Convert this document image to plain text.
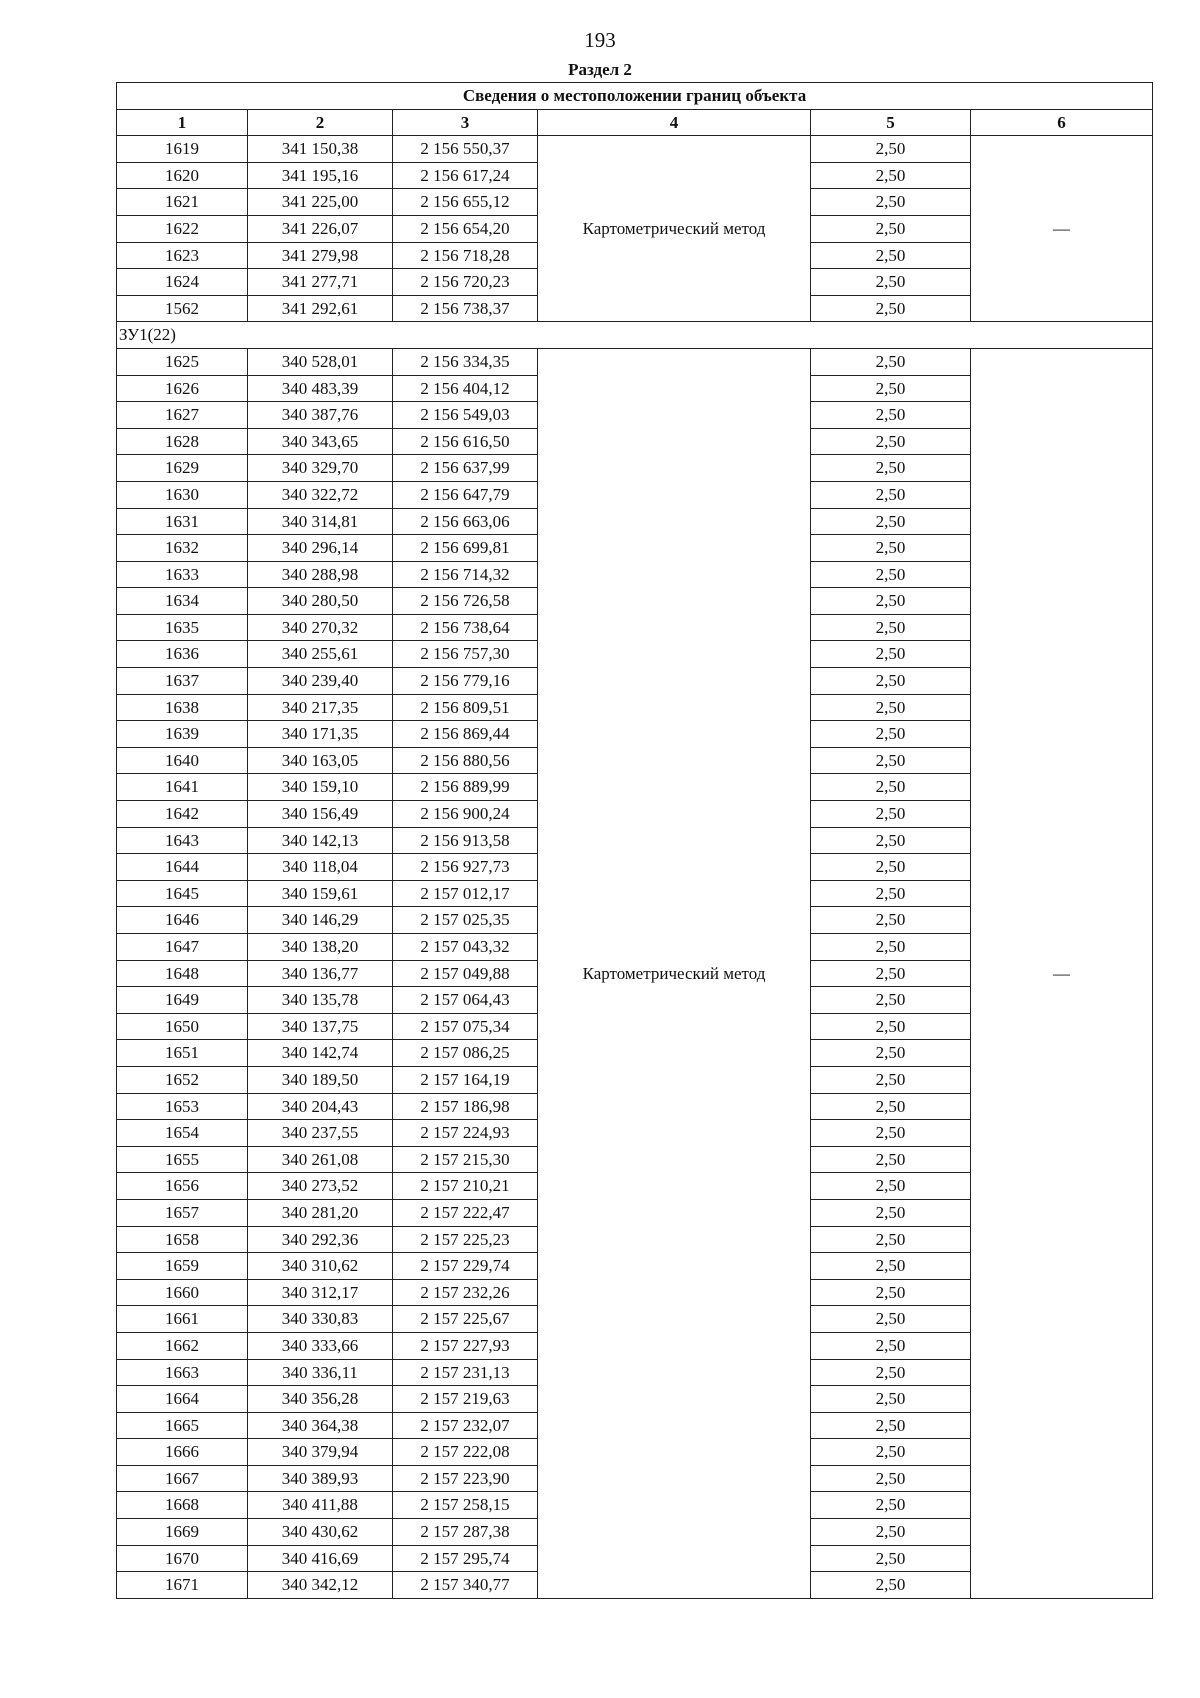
193
Раздел 2
Сведения о местоположении границ объекта					
1	2	3	4	5	6
1619	341 150,38	2 156 550,37	Картометрический метод	2,50	—
1620	341 195,16	2 156 617,24		2,50	
1621	341 225,00	2 156 655,12		2,50	
1622	341 226,07	2 156 654,20		2,50	
1623	341 279,98	2 156 718,28		2,50	
1624	341 277,71	2 156 720,23		2,50	
1562	341 292,61	2 156 738,37		2,50	
ЗУ1(22)					
1625	340 528,01	2 156 334,35	Картометрический метод	2,50	—
1626	340 483,39	2 156 404,12		2,50	
1627	340 387,76	2 156 549,03		2,50	
1628	340 343,65	2 156 616,50		2,50	
1629	340 329,70	2 156 637,99		2,50	
1630	340 322,72	2 156 647,79		2,50	
1631	340 314,81	2 156 663,06		2,50	
1632	340 296,14	2 156 699,81		2,50	
1633	340 288,98	2 156 714,32		2,50	
1634	340 280,50	2 156 726,58		2,50	
1635	340 270,32	2 156 738,64		2,50	
1636	340 255,61	2 156 757,30		2,50	
1637	340 239,40	2 156 779,16		2,50	
1638	340 217,35	2 156 809,51		2,50	
1639	340 171,35	2 156 869,44		2,50	
1640	340 163,05	2 156 880,56		2,50	
1641	340 159,10	2 156 889,99		2,50	
1642	340 156,49	2 156 900,24		2,50	
1643	340 142,13	2 156 913,58		2,50	
1644	340 118,04	2 156 927,73		2,50	
1645	340 159,61	2 157 012,17		2,50	
1646	340 146,29	2 157 025,35		2,50	
1647	340 138,20	2 157 043,32		2,50	
1648	340 136,77	2 157 049,88		2,50	
1649	340 135,78	2 157 064,43		2,50	
1650	340 137,75	2 157 075,34		2,50	
1651	340 142,74	2 157 086,25		2,50	
1652	340 189,50	2 157 164,19		2,50	
1653	340 204,43	2 157 186,98		2,50	
1654	340 237,55	2 157 224,93		2,50	
1655	340 261,08	2 157 215,30		2,50	
1656	340 273,52	2 157 210,21		2,50	
1657	340 281,20	2 157 222,47		2,50	
1658	340 292,36	2 157 225,23		2,50	
1659	340 310,62	2 157 229,74		2,50	
1660	340 312,17	2 157 232,26		2,50	
1661	340 330,83	2 157 225,67		2,50	
1662	340 333,66	2 157 227,93		2,50	
1663	340 336,11	2 157 231,13		2,50	
1664	340 356,28	2 157 219,63		2,50	
1665	340 364,38	2 157 232,07		2,50	
1666	340 379,94	2 157 222,08		2,50	
1667	340 389,93	2 157 223,90		2,50	
1668	340 411,88	2 157 258,15		2,50	
1669	340 430,62	2 157 287,38		2,50	
1670	340 416,69	2 157 295,74		2,50	
1671	340 342,12	2 157 340,77		2,50	
